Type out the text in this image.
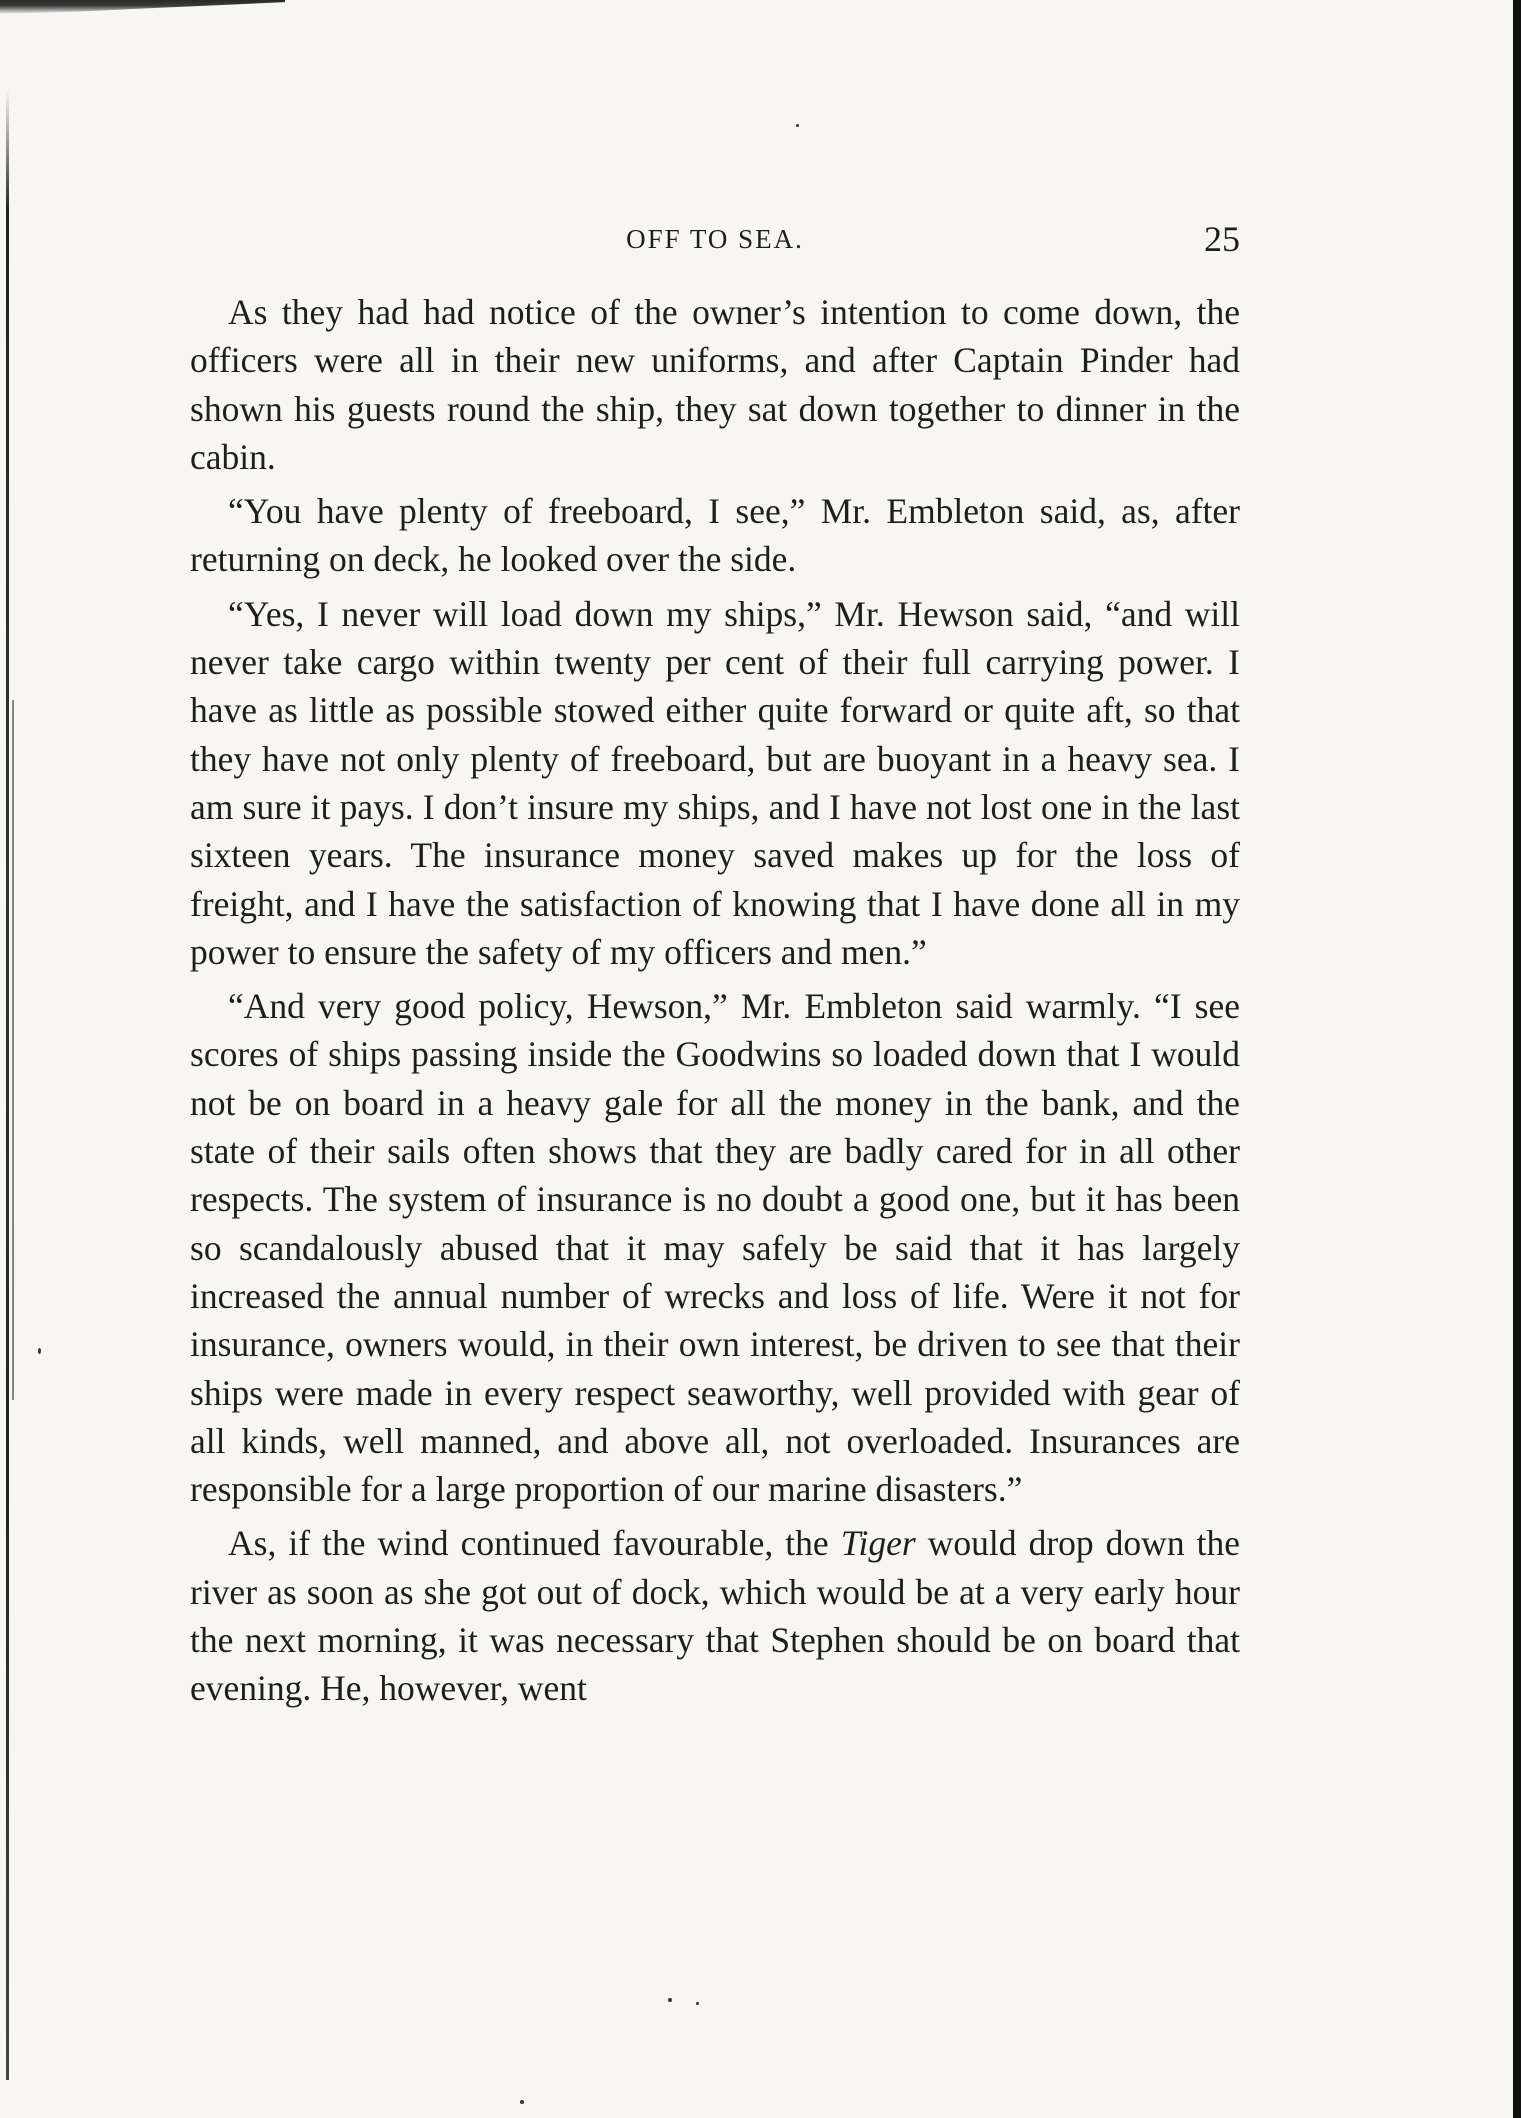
OFF TO SEA.	25

As they had had notice of the owner’s intention to come down, the officers were all in their new uniforms, and after Captain Pinder had shown his guests round the ship, they sat down together to dinner in the cabin.

“You have plenty of freeboard, I see,” Mr. Embleton said, as, after returning on deck, he looked over the side.

“Yes, I never will load down my ships,” Mr. Hewson said, “and will never take cargo within twenty per cent of their full carrying power. I have as little as possible stowed either quite forward or quite aft, so that they have not only plenty of freeboard, but are buoyant in a heavy sea. I am sure it pays. I don’t insure my ships, and I have not lost one in the last sixteen years. The insurance money saved makes up for the loss of freight, and I have the satisfaction of knowing that I have done all in my power to ensure the safety of my officers and men.”

“And very good policy, Hewson,” Mr. Embleton said warmly. “I see scores of ships passing inside the Goodwins so loaded down that I would not be on board in a heavy gale for all the money in the bank, and the state of their sails often shows that they are badly cared for in all other respects. The system of insurance is no doubt a good one, but it has been so scandalously abused that it may safely be said that it has largely increased the annual number of wrecks and loss of life. Were it not for insurance, owners would, in their own interest, be driven to see that their ships were made in every respect seaworthy, well provided with gear of all kinds, well manned, and above all, not overloaded. Insurances are responsible for a large proportion of our marine disasters.”

As, if the wind continued favourable, the Tiger would drop down the river as soon as she got out of dock, which would be at a very early hour the next morning, it was necessary that Stephen should be on board that evening. He, however, went
